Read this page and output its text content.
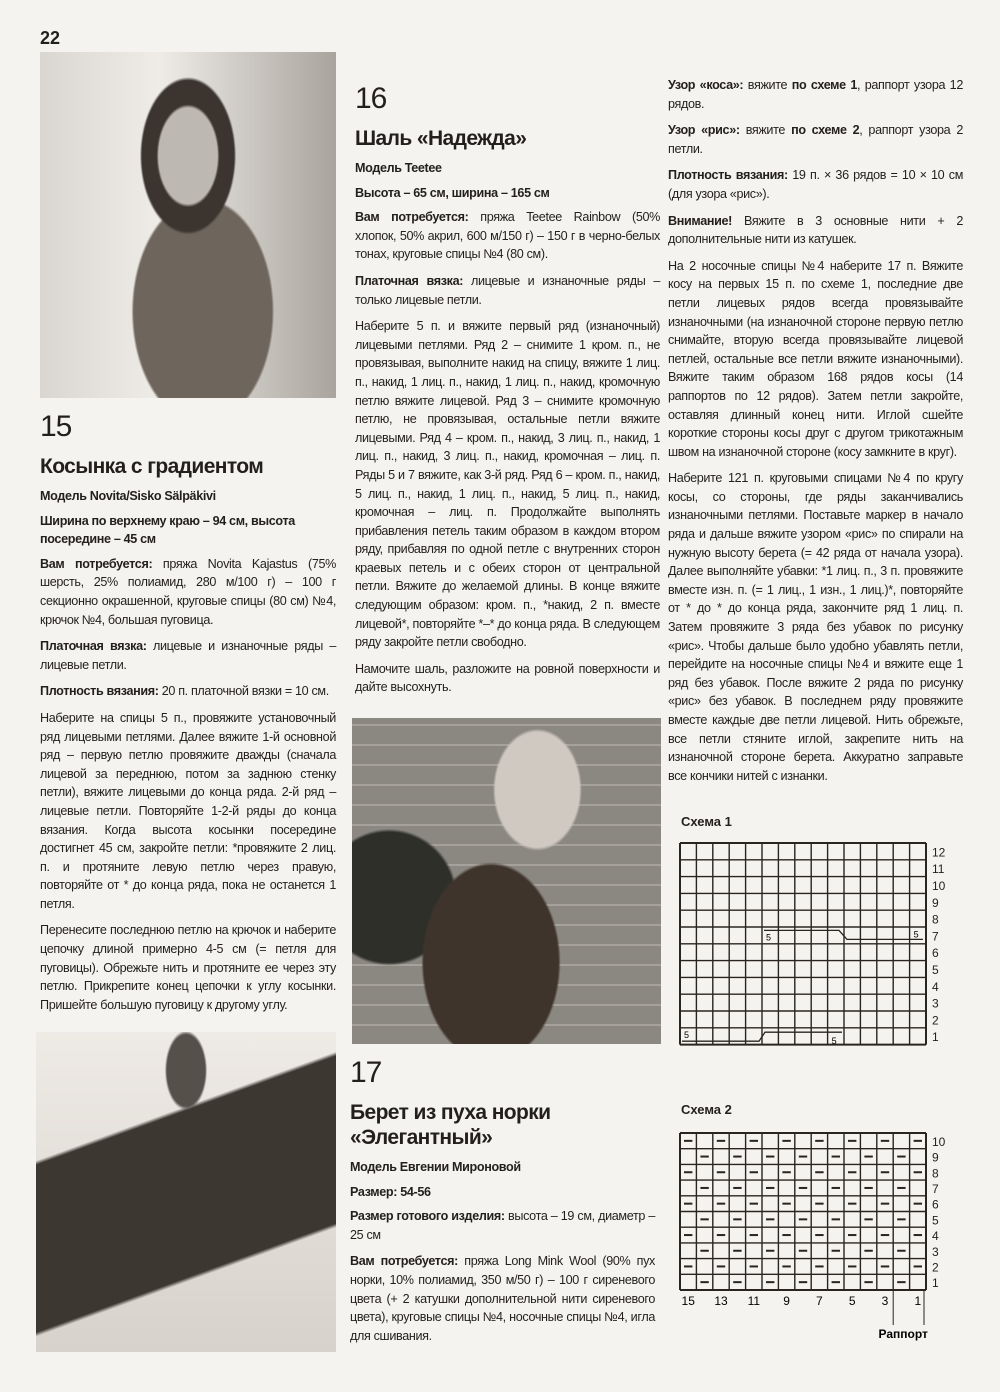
22
15
Косынка с градиентом
Модель Novita/Sisko Sälpäkivi
Ширина по верхнему краю – 94 см, высота посередине – 45 см

Вам потребуется: пряжа Novita Kajastus (75% шерсть, 25% полиамид, 280 м/100 г) – 100 г секционно окрашенной, круговые спицы (80 см) №4, крючок №4, большая пуговица.

Платочная вязка: лицевые и изнаночные ряды – лицевые петли.

Плотность вязания: 20 п. платочной вязки = 10 см.

Наберите на спицы 5 п., провяжите установочный ряд лицевыми петлями. Далее вяжите 1-й основной ряд – первую петлю провяжите дважды (сначала лицевой за переднюю, потом за заднюю стенку петли), вяжите лицевыми до конца ряда. 2-й ряд – лицевые петли. Повторяйте 1-2-й ряды до конца вязания. Когда высота косынки посередине достигнет 45 см, закройте петли: *провяжите 2 лиц. п. и протяните левую петлю через правую, повторяйте от * до конца ряда, пока не останется 1 петля.

Перенесите последнюю петлю на крючок и наберите цепочку длиной примерно 4-5 см (= петля для пуговицы). Обрежьте нить и протяните ее через эту петлю. Прикрепите конец цепочки к углу косынки. Пришейте большую пуговицу к другому углу.

16
Шаль «Надежда»
Модель Teetee
Высота – 65 см, ширина – 165 см

Вам потребуется: пряжа Teetee Rainbow (50% хлопок, 50% акрил, 600 м/150 г) – 150 г в черно-белых тонах, круговые спицы №4 (80 см).

Платочная вязка: лицевые и изнаночные ряды – только лицевые петли.

Наберите 5 п. и вяжите первый ряд (изнаночный) лицевыми петлями. Ряд 2 – снимите 1 кром. п., не провязывая, выполните накид на спицу, вяжите 1 лиц. п., накид, 1 лиц. п., накид, 1 лиц. п., накид, кромочную петлю вяжите лицевой. Ряд 3 – снимите кромочную петлю, не провязывая, остальные петли вяжите лицевыми. Ряд 4 – кром. п., накид, 3 лиц. п., накид, 1 лиц. п., накид, 3 лиц. п., накид, кромочная – лиц. п. Ряды 5 и 7 вяжите, как 3-й ряд. Ряд 6 – кром. п., накид, 5 лиц. п., накид, 1 лиц. п., накид, 5 лиц. п., накид, кромочная – лиц. п. Продолжайте выполнять прибавления петель таким образом в каждом втором ряду, прибавляя по одной петле с внутренних сторон краевых петель и с обеих сторон от центральной петли. Вяжите до желаемой длины. В конце вяжите следующим образом: кром. п., *накид, 2 п. вместе лицевой*, повторяйте *–* до конца ряда. В следующем ряду закройте петли свободно.

Намочите шаль, разложите на ровной поверхности и дайте высохнуть.

17
Берет из пуха норки «Элегантный»
Модель Евгении Мироновой
Размер: 54-56

Размер готового изделия: высота – 19 см, диаметр – 25 см

Вам потребуется: пряжа Long Mink Wool (90% пух норки, 10% полиамид, 350 м/50 г) – 100 г сиреневого цвета (+ 2 катушки дополнительной нити сиреневого цвета), круговые спицы №4, носочные спицы №4, игла для сшивания.

Узор «коса»: вяжите по схеме 1, раппорт узора 12 рядов.

Узор «рис»: вяжите по схеме 2, раппорт узора 2 петли.

Плотность вязания: 19 п. × 36 рядов = 10 × 10 см (для узора «рис»).

Внимание! Вяжите в 3 основные нити + 2 дополнительные нити из катушек.

На 2 носочные спицы №4 наберите 17 п. Вяжите косу на первых 15 п. по схеме 1, последние две петли лицевых рядов всегда провязывайте изнаночными (на изнаночной стороне первую петлю снимайте, вторую всегда провязывайте лицевой петлей, остальные все петли вяжите изнаночными). Вяжите таким образом 168 рядов косы (14 раппортов по 12 рядов). Затем петли закройте, оставляя длинный конец нити. Иглой сшейте короткие стороны косы друг с другом трикотажным швом на изнаночной стороне (косу замкните в круг).

Наберите 121 п. круговыми спицами №4 по кругу косы, со стороны, где ряды заканчивались изнаночными петлями. Поставьте маркер в начало ряда и дальше вяжите узором «рис» по спирали на нужную высоту берета (= 42 ряда от начала узора). Далее выполняйте убавки: *1 лиц. п., 3 п. провяжите вместе изн. п. (= 1 лиц., 1 изн., 1 лиц.)*, повторяйте от * до * до конца ряда, закончите ряд 1 лиц. п. Затем провяжите 3 ряда без убавок по рисунку «рис». Чтобы дальше было удобно убавлять петли, перейдите на носочные спицы №4 и вяжите еще 1 ряд без убавок. После вяжите 2 ряда по рисунку «рис» без убавок. В последнем ряду провяжите вместе каждые две петли лицевой. Нить обрежьте, все петли стяните иглой, закрепите нить на изнаночной стороне берета. Аккуратно заправьте все кончики нитей с изнанки.

Схема 1
1
2
3
4
5
6
7
8
9
10
11
12
5
5
5	5
Схема 2
1
2
3
4
5
6
7
8
9
10
15 13 11 9 7 5 3 1
Раппорт
